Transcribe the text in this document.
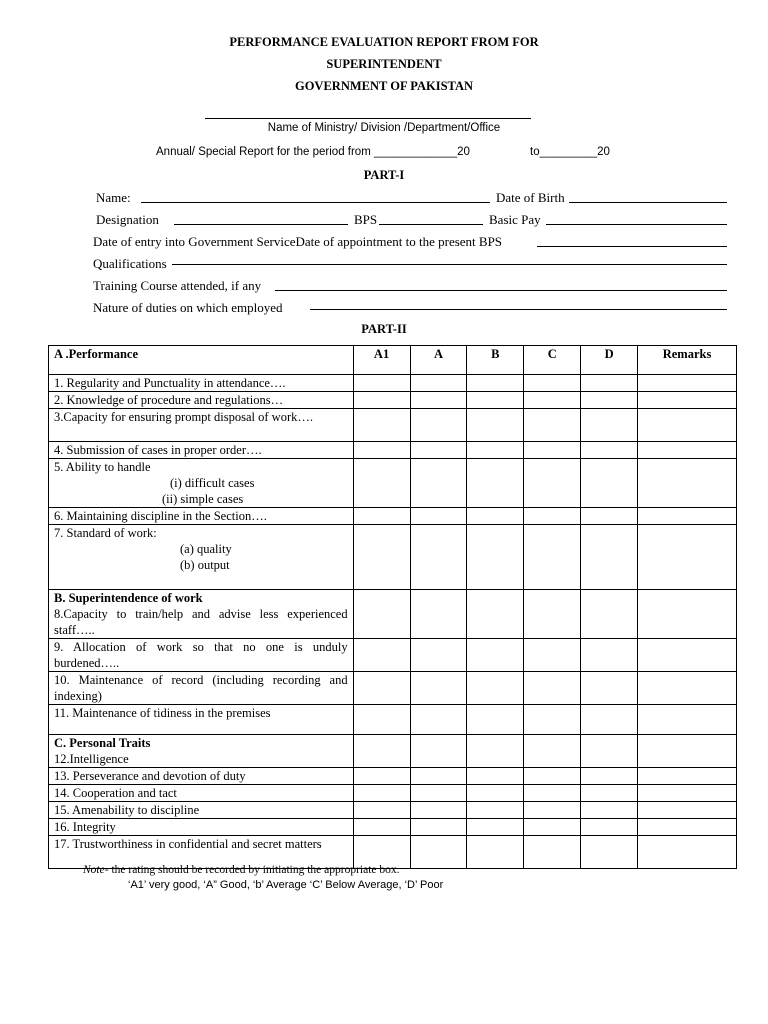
PERFORMANCE EVALUATION REPORT FROM FOR
SUPERINTENDENT
GOVERNMENT OF PAKISTAN
Name of Ministry/ Division /Department/Office
Annual/ Special Report for the period from _____________20	to_________20
PART-I
Name:	Date of Birth
Designation	BPS	Basic Pay
Date of entry into Government ServiceDate of appointment to the present BPS
Qualifications
Training Course attended, if any
Nature of duties on which employed
PART-II
A .Performance	A1	A	B	C	D	Remarks
1. Regularity and Punctuality in attendance….						
2. Knowledge of procedure and regulations…						
3.Capacity for ensuring prompt disposal of work….						
4. Submission of cases in proper order….						
5. Ability to handle
(i) difficult cases
(ii) simple cases						

6. Maintaining discipline in the Section….						
7. Standard of work:
(a) quality
(b) output						

B. Superintendence of work

8.Capacity to train/help and advise less experienced staff…..						

9. Allocation of work so that no one is unduly burdened…..						
10. Maintenance of record (including recording and indexing)						
11. Maintenance of tidiness in the premises						
C. Personal Traits
12.Intelligence						
13. Perseverance and devotion of duty						
14. Cooperation and tact						
15. Amenability to discipline						
16. Integrity						
17. Trustworthiness in confidential and secret matters						
Note- the rating should be recorded by initiating the appropriate box.
‘A1’ very good, ‘A” Good, ‘b’ Average ‘C’ Below Average, ‘D’ Poor
